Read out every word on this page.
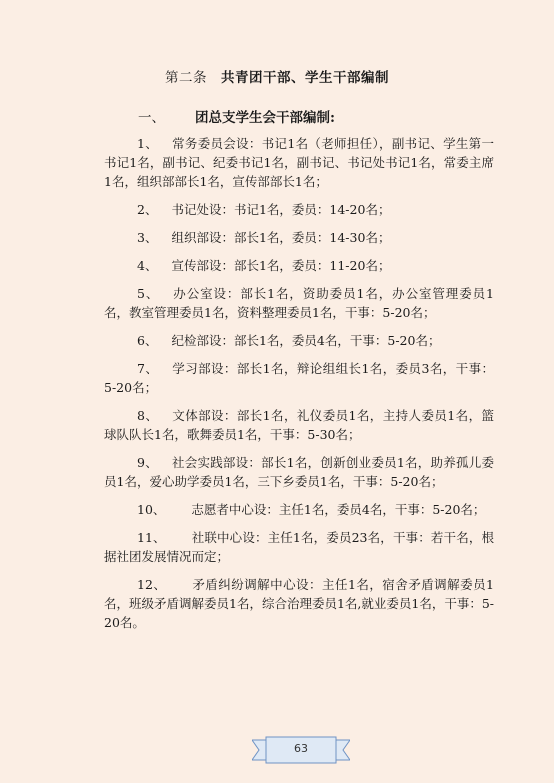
第二条 共青团干部、学生干部编制
一、 团总支学生会干部编制:

1、 常务委员会设：书记1名（老师担任），副书记、学生第一书记1名，副书记、纪委书记1名，副书记、书记处书记1名，常委主席1名，组织部部长1名，宣传部部长1名；

2、 书记处设：书记1名，委员：14-20名；

3、 组织部设：部长1名，委员：14-30名；

4、 宣传部设：部长1名，委员：11-20名；

5、 办公室设：部长1名，资助委员1名，办公室管理委员1名，教室管理委员1名，资料整理委员1名，干事：5-20名；

6、 纪检部设：部长1名，委员4名，干事：5-20名；

7、 学习部设：部长1名，辩论组组长1名，委员3名，干事：5-20名；

8、 文体部设：部长1名，礼仪委员1名，主持人委员1名，篮球队队长1名，歌舞委员1名，干事：5-30名；

9、 社会实践部设：部长1名，创新创业委员1名，助养孤儿委员1名，爱心助学委员1名，三下乡委员1名，干事：5-20名；

10、 志愿者中心设：主任1名，委员4名，干事：5-20名；

11、 社联中心设：主任1名，委员23名，干事：若干名，根据社团发展情况而定；

12、 矛盾纠纷调解中心设：主任1名，宿舍矛盾调解委员1名，班级矛盾调解委员1名，综合治理委员1名,就业委员1名，干事：5-20名。

63
